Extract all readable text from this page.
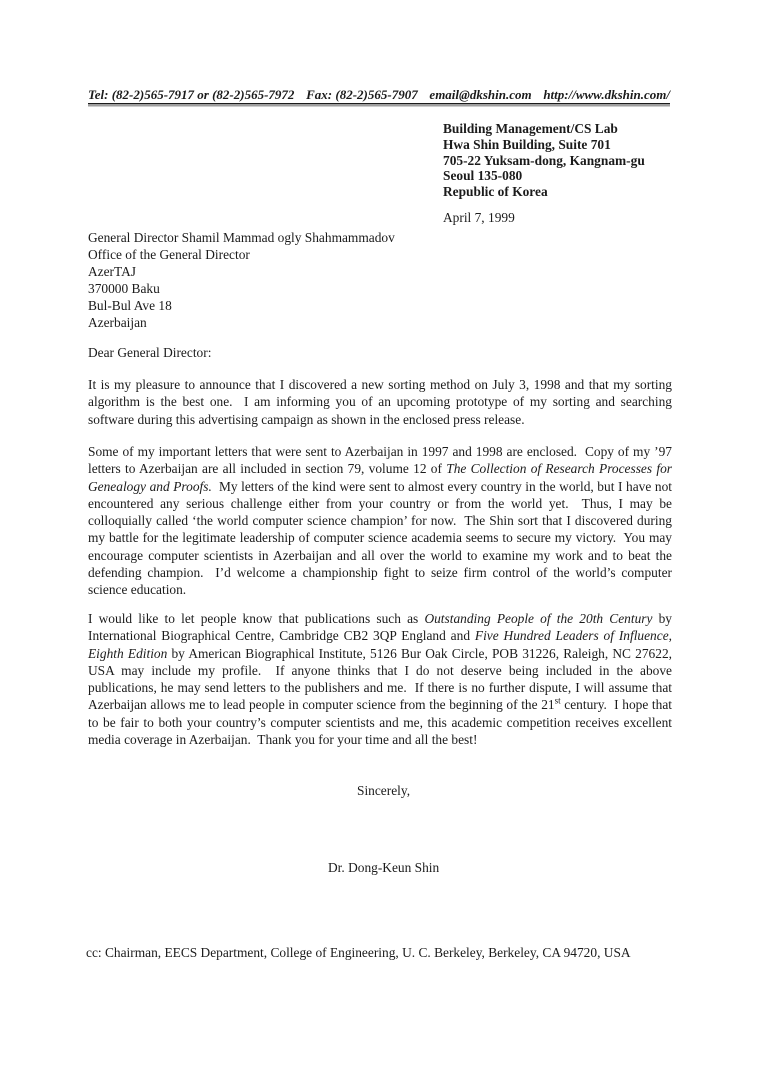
Tel: (82-2)565-7917 or (82-2)565-7972 Fax: (82-2)565-7907 email@dkshin.com http://www.dkshin.com/
Building Management/CS Lab
Hwa Shin Building, Suite 701
705-22 Yuksam-dong, Kangnam-gu
Seoul 135-080
Republic of Korea
April 7, 1999
General Director Shamil Mammad ogly Shahmammadov
Office of the General Director
AzerTAJ
370000 Baku
Bul-Bul Ave 18
Azerbaijan
Dear General Director:

It is my pleasure to announce that I discovered a new sorting method on July 3, 1998 and that my sorting algorithm is the best one.  I am informing you of an upcoming prototype of my sorting and searching software during this advertising campaign as shown in the enclosed press release.

Some of my important letters that were sent to Azerbaijan in 1997 and 1998 are enclosed.  Copy of my ’97 letters to Azerbaijan are all included in section 79, volume 12 of The Collection of Research Processes for Genealogy and Proofs.  My letters of the kind were sent to almost every country in the world, but I have not encountered any serious challenge either from your country or from the world yet.  Thus, I may be colloquially called ‘the world computer science champion’ for now.  The Shin sort that I discovered during my battle for the legitimate leadership of computer science academia seems to secure my victory.  You may encourage computer scientists in Azerbaijan and all over the world to examine my work and to beat the defending champion.  I’d welcome a championship fight to seize firm control of the world’s computer science education.

I would like to let people know that publications such as Outstanding People of the 20th Century by International Biographical Centre, Cambridge CB2 3QP England and Five Hundred Leaders of Influence, Eighth Edition by American Biographical Institute, 5126 Bur Oak Circle, POB 31226, Raleigh, NC 27622, USA may include my profile.  If anyone thinks that I do not deserve being included in the above publications, he may send letters to the publishers and me.  If there is no further dispute, I will assume that Azerbaijan allows me to lead people in computer science from the beginning of the 21st century.  I hope that to be fair to both your country’s computer scientists and me, this academic competition receives excellent media coverage in Azerbaijan.  Thank you for your time and all the best!

Sincerely,
Dr. Dong-Keun Shin
cc: Chairman, EECS Department, College of Engineering, U. C. Berkeley, Berkeley, CA 94720, USA
